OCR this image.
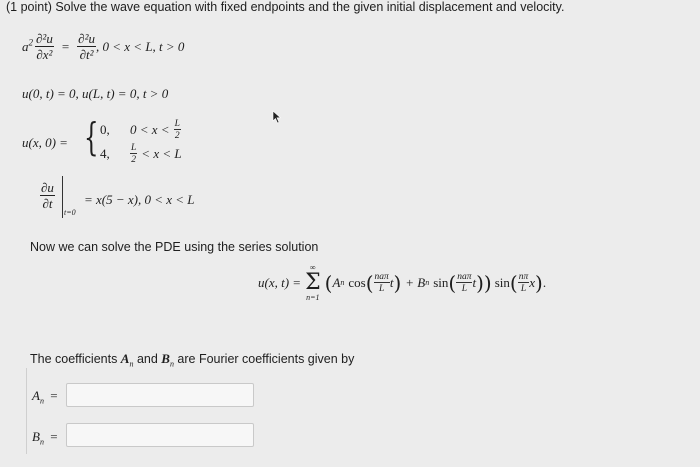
(1 point) Solve the wave equation with fixed endpoints and the given initial displacement and velocity.
$a^2 \frac{\text{∂²u}}{\text{∂x²}} = \frac{\text{∂²u}}{\text{∂t²}}$ , 0 < x < L, t > 0
u(0, t) = 0, u(L, t) = 0, t > 0
u(x, 0) = { 0,	$0 < x < \frac{L}{2}$
4,	$\frac{L}{2} < x < L$
$\frac{\partial u}{\partial t}$
t=0
= x(5 − x), 0 < x < L
Now we can solve the PDE using the series solution
u(x, t) =
∞
Σ
n=1
( A n cos ( $\frac{\text{naπ}}{L}$ t ) + B n sin ( $\frac{\text{naπ}}{L}$ t ) ) sin ( $\frac{n\pi}{L}$ x ) .
The coefficients $A_n$ and $B_n$ are Fourier coefficients given by
$A_n$ =
$B_n$ =
